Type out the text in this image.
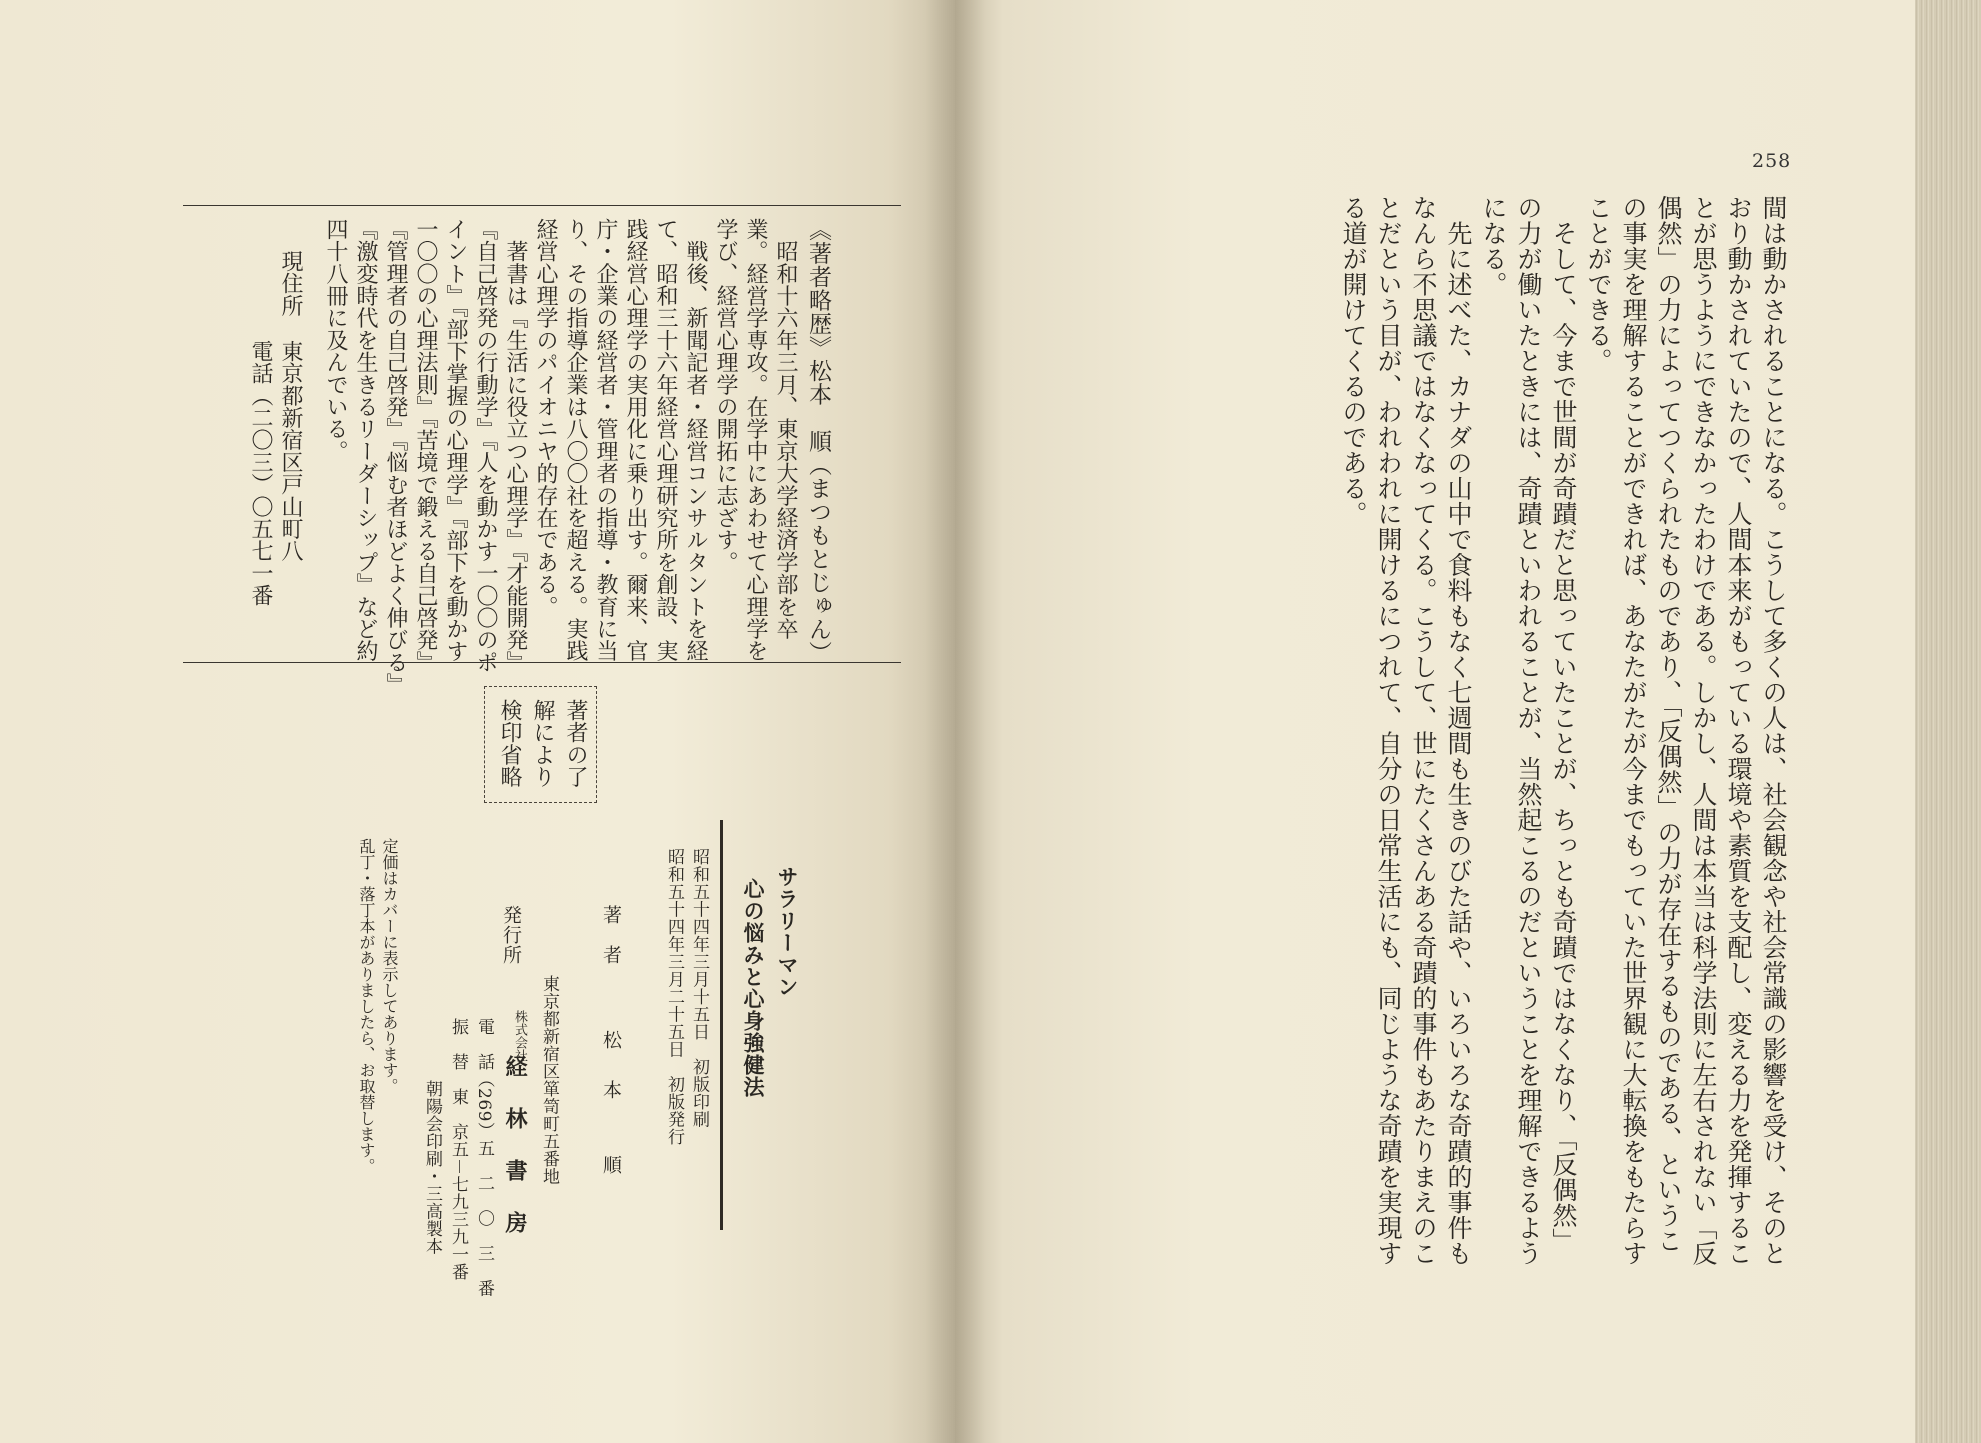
258
間は動かされることになる。こうして多くの人は、社会観念や社会常識の影響を受け、そのと
おり動かされていたので、人間本来がもっている環境や素質を支配し、変える力を発揮するこ
とが思うようにできなかったわけである。しかし、人間は本当は科学法則に左右されない「反
偶然」の力によってつくられたものであり、「反偶然」の力が存在するものである、というこ
の事実を理解することができれば、あなたがたが今までもっていた世界観に大転換をもたらす
ことができる。
　そして、今まで世間が奇蹟だと思っていたことが、ちっとも奇蹟ではなくなり、「反偶然」
の力が働いたときには、奇蹟といわれることが、当然起こるのだということを理解できるよう
になる。
　先に述べた、カナダの山中で食料もなく七週間も生きのびた話や、いろいろな奇蹟的事件も
なんら不思議ではなくなってくる。こうして、世にたくさんある奇蹟的事件もあたりまえのこ
とだという目が、われわれに開けるにつれて、自分の日常生活にも、同じような奇蹟を実現す
る道が開けてくるのである。
《著者略歴》松本　順（まつもとじゅん）
　昭和十六年三月、東京大学経済学部を卒
業。経営学専攻。在学中にあわせて心理学を
学び、経営心理学の開拓に志ざす。
　戦後、新聞記者・経営コンサルタントを経
て、昭和三十六年経営心理研究所を創設、実
践経営心理学の実用化に乗り出す。爾来、官
庁・企業の経営者・管理者の指導・教育に当
り、その指導企業は八〇〇社を超える。実践
経営心理学のパイオニヤ的存在である。
　著書は『生活に役立つ心理学』『才能開発』
『自己啓発の行動学』『人を動かす一〇〇のポ
イント』『部下掌握の心理学』『部下を動かす
一〇〇の心理法則』『苦境で鍛える自己啓発』
『管理者の自己啓発』『悩む者ほどよく伸びる』
『激変時代を生きるリーダーシップ』など約
四十八冊に及んでいる。
現住所
東京都新宿区戸山町八
電話（二〇三）〇五七一番
著者の了
解により
検印省略
サラリーマン
心の悩みと心身強健法
昭和五十四年三月十五日　初版印刷
昭和五十四年三月二十五日　初版発行
著　者
松　本　　順
東京都新宿区箪笥町五番地
発行所
株式会社
経　林　書　房
電　話（269）五　二　〇　三　番
振　替　東　京五－七九三九一番
朝陽会印刷・三高製本
定価はカバーに表示してあります。
乱丁・落丁本がありましたら、お取替します。
